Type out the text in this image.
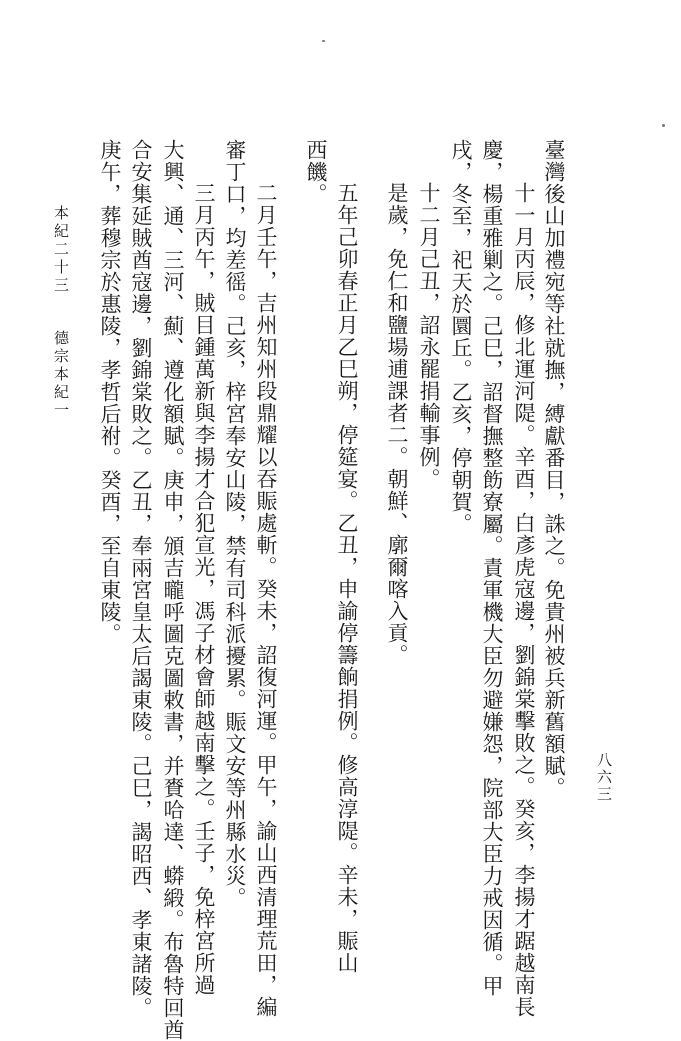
本紀二十三
德宗本紀一
八六三
臺灣後山加禮宛等社就撫，縛獻番目，誅之。免貴州被兵新舊額賦。
十一月丙辰，修北運河隄。辛酉，白彥虎寇邊，劉錦棠擊敗之。癸亥，李揚才踞越南長
慶，楊重雅剿之。己巳，詔督撫整飭寮屬。責軍機大臣勿避嫌怨，院部大臣力戒因循。甲
戌，冬至，祀天於圜丘。乙亥，停朝賀。
十二月己丑，詔永罷捐輸事例。
是歲，免仁和鹽場逋課者二。朝鮮、廓爾喀入貢。
五年己卯春正月乙巳朔，停筵宴。乙丑，申諭停籌餉捐例。修高淳隄。辛未，賑山
西饑。
二月壬午，吉州知州段鼎耀以吞賑處斬。癸未，詔復河運。甲午，諭山西清理荒田，編
審丁口，均差徭。己亥，梓宮奉安山陵，禁有司科派擾累。賑文安等州縣水災。
三月丙午，賊目鍾萬新與李揚才合犯宣光，馮子材會師越南擊之。壬子，免梓宮所過
大興、通、三河、薊、遵化額賦。庚申，頒吉曨呼圖克圖敕書，并賚哈達、蟒緞。布魯特回酋
合安集延賊酋寇邊，劉錦棠敗之。乙丑，奉兩宮皇太后謁東陵。己巳，謁昭西、孝東諸陵。
庚午，葬穆宗於惠陵，孝哲后祔。癸酉，至自東陵。
